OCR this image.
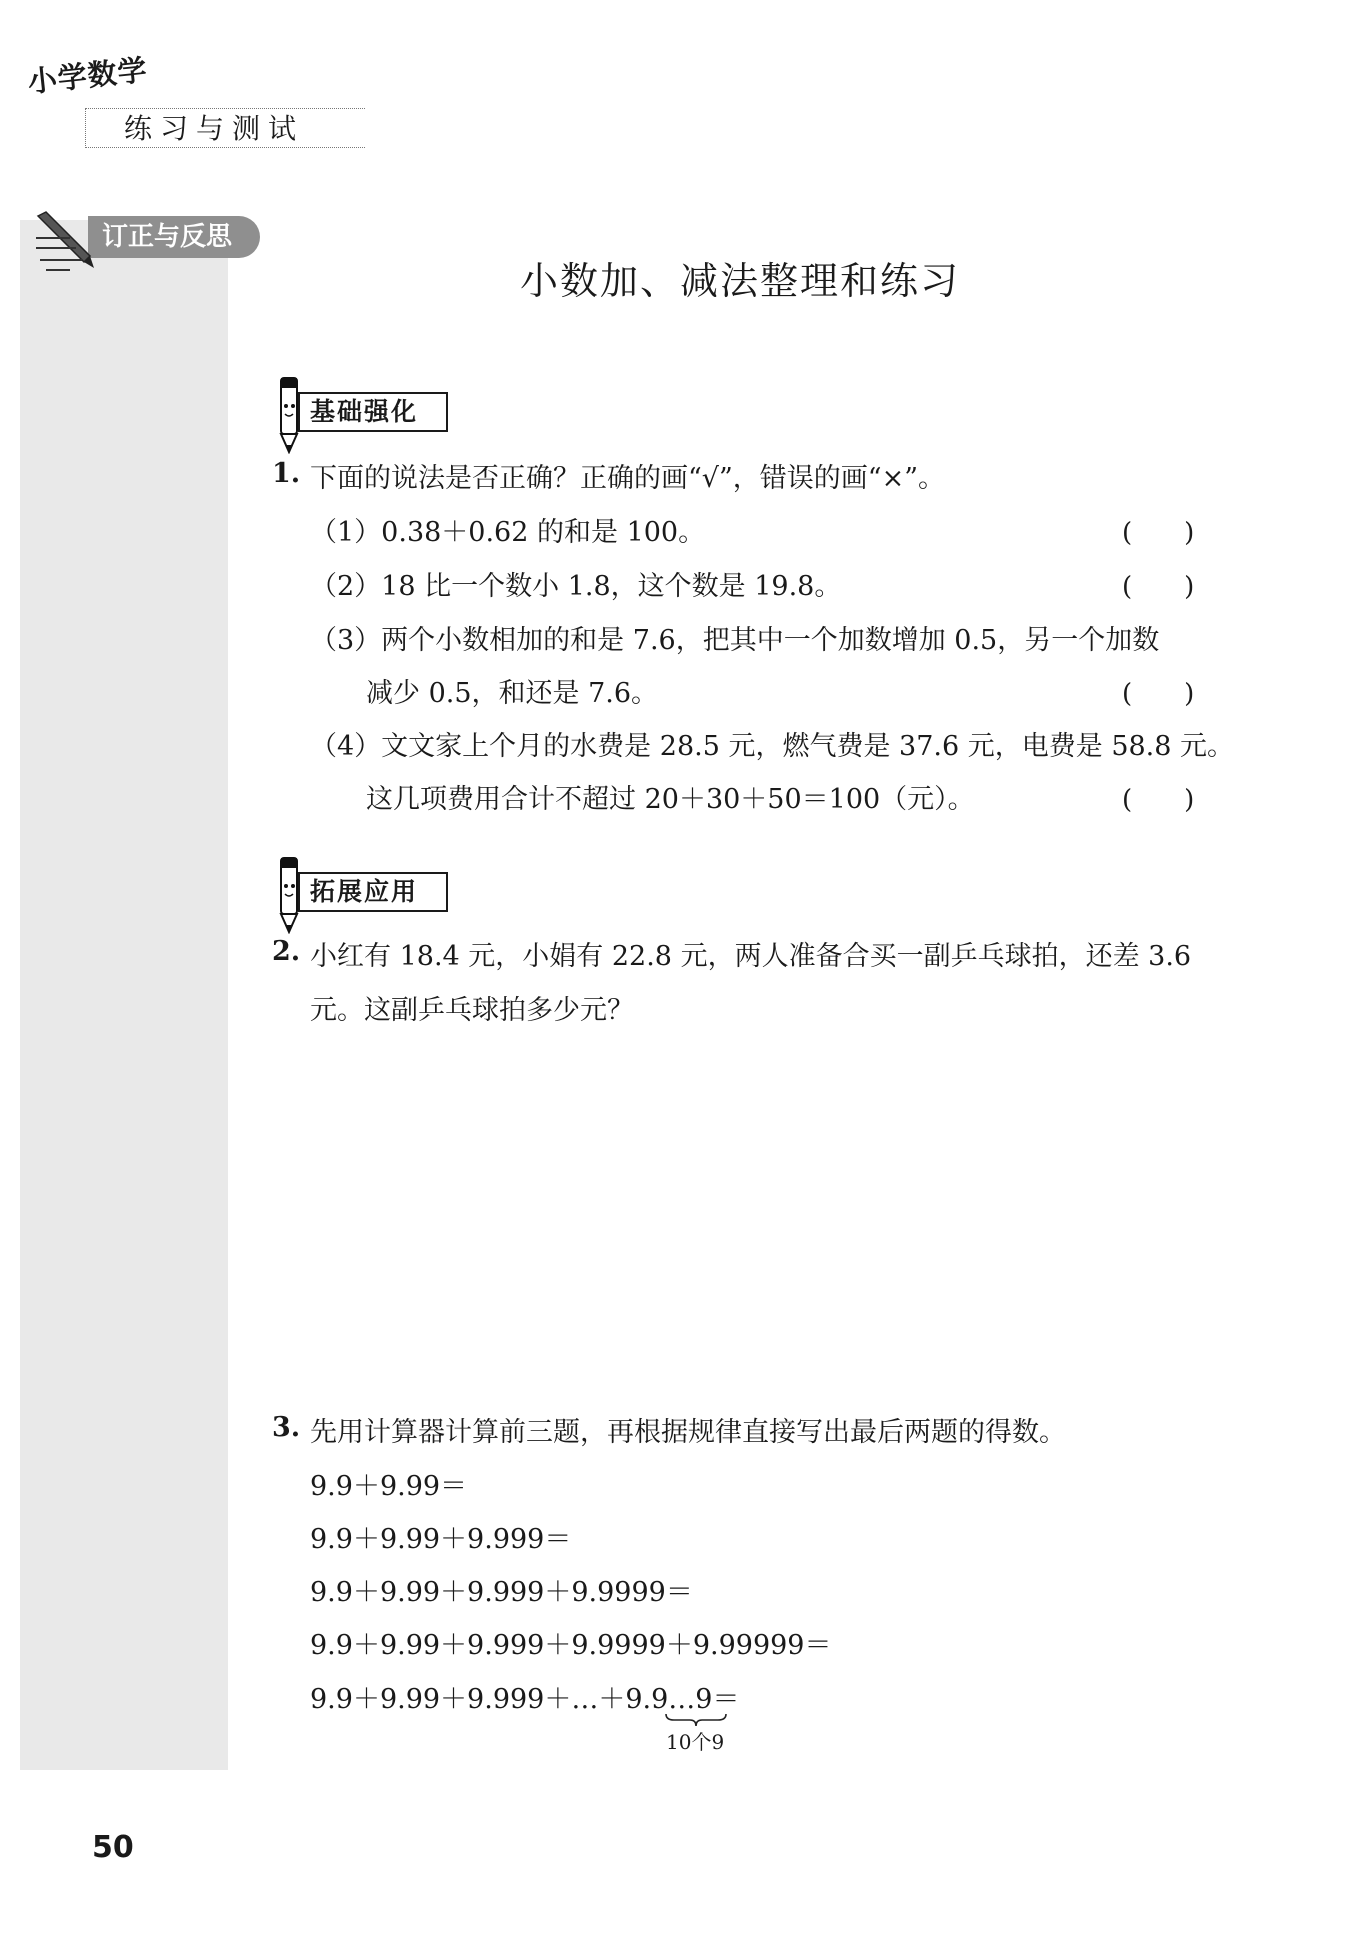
小学数学
练习与测试
订正与反思
小数加、减法整理和练习
基础强化
1. 下面的说法是否正确？正确的画“√”，错误的画“×”。
（1）0.38＋0.62 的和是 100。	(　　)
（2）18 比一个数小 1.8，这个数是 19.8。	(　　)
（3）两个小数相加的和是 7.6，把其中一个加数增加 0.5，另一个加数
减少 0.5，和还是 7.6。	(　　)
（4）文文家上个月的水费是 28.5 元，燃气费是 37.6 元，电费是 58.8 元。
这几项费用合计不超过 20＋30＋50＝100（元）。	(　　)
拓展应用
2. 小红有 18.4 元，小娟有 22.8 元，两人准备合买一副乒乓球拍，还差 3.6
元。这副乒乓球拍多少元？
3. 先用计算器计算前三题，再根据规律直接写出最后两题的得数。
9.9＋9.99＝
9.9＋9.99＋9.999＝
9.9＋9.99＋9.999＋9.9999＝
9.9＋9.99＋9.999＋9.9999＋9.99999＝
9.9＋9.99＋9.999＋…＋9.9…9＝
10个9
50
